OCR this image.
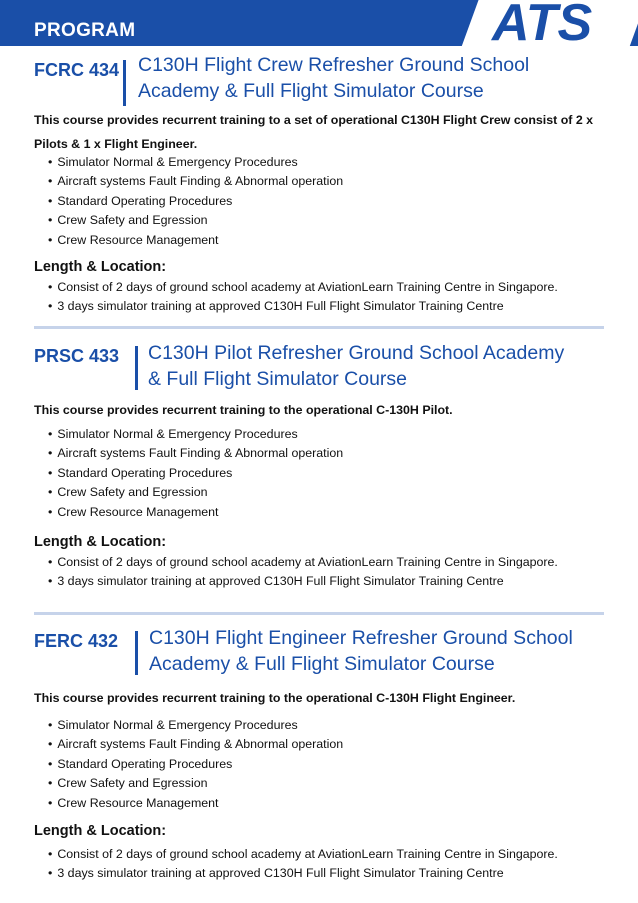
PROGRAM	ATS
FCRC 434 C130H Flight Crew Refresher Ground School
Academy & Full Flight Simulator Course
This course provides recurrent training to a set of operational C130H Flight Crew consist of 2 x
Pilots & 1 x Flight Engineer.
• Simulator Normal & Emergency Procedures
• Aircraft systems Fault Finding & Abnormal operation
• Standard Operating Procedures
• Crew Safety and Egression
• Crew Resource Management
Length & Location:
• Consist of 2 days of ground school academy at AviationLearn Training Centre in Singapore.
• 3 days simulator training at approved C130H Full Flight Simulator Training Centre
PRSC 433 C130H Pilot Refresher Ground School Academy
& Full Flight Simulator Course
This course provides recurrent training to the operational C-130H Pilot.
• Simulator Normal & Emergency Procedures
• Aircraft systems Fault Finding & Abnormal operation
• Standard Operating Procedures
• Crew Safety and Egression
• Crew Resource Management
Length & Location:
• Consist of 2 days of ground school academy at AviationLearn Training Centre in Singapore.
• 3 days simulator training at approved C130H Full Flight Simulator Training Centre
FERC 432 C130H Flight Engineer Refresher Ground School
Academy & Full Flight Simulator Course
This course provides recurrent training to the operational C-130H Flight Engineer.
• Simulator Normal & Emergency Procedures
• Aircraft systems Fault Finding & Abnormal operation
• Standard Operating Procedures
• Crew Safety and Egression
• Crew Resource Management
Length & Location:
• Consist of 2 days of ground school academy at AviationLearn Training Centre in Singapore.
• 3 days simulator training at approved C130H Full Flight Simulator Training Centre
